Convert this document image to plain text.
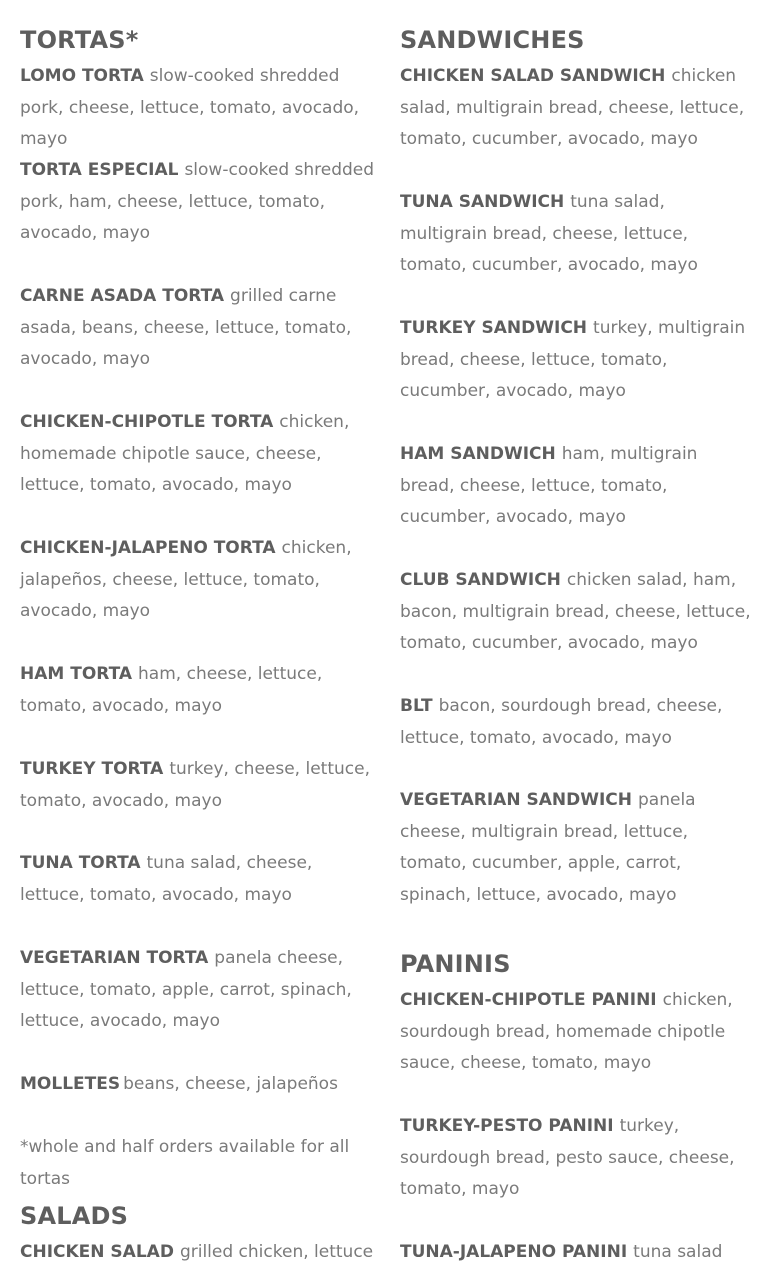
TORTAS*

LOMO TORTA slow-cooked shredded pork, cheese, lettuce, tomato, avocado, mayo

TORTA ESPECIAL slow-cooked shredded pork, ham, cheese, lettuce, tomato, avocado, mayo

CARNE ASADA TORTA grilled carne asada, beans, cheese, lettuce, tomato, avocado, mayo

CHICKEN-CHIPOTLE TORTA chicken, homemade chipotle sauce, cheese, lettuce, tomato, avocado, mayo

CHICKEN-JALAPENO TORTA chicken, jalapeños, cheese, lettuce, tomato, avocado, mayo

HAM TORTA ham, cheese, lettuce, tomato, avocado, mayo

TURKEY TORTA turkey, cheese, lettuce, tomato, avocado, mayo

TUNA TORTA tuna salad, cheese, lettuce, tomato, avocado, mayo

VEGETARIAN TORTA panela cheese, lettuce, tomato, apple, carrot, spinach, lettuce, avocado, mayo

MOLLETES beans, cheese, jalapeños

*whole and half orders available for all tortas

SALADS

CHICKEN SALAD grilled chicken, lettuce

SANDWICHES

CHICKEN SALAD SANDWICH chicken salad, multigrain bread, cheese, lettuce, tomato, cucumber, avocado, mayo

TUNA SANDWICH tuna salad, multigrain bread, cheese, lettuce, tomato, cucumber, avocado, mayo

TURKEY SANDWICH turkey, multigrain bread, cheese, lettuce, tomato, cucumber, avocado, mayo

HAM SANDWICH ham, multigrain bread, cheese, lettuce, tomato, cucumber, avocado, mayo

CLUB SANDWICH chicken salad, ham, bacon, multigrain bread, cheese, lettuce, tomato, cucumber, avocado, mayo

BLT bacon, sourdough bread, cheese, lettuce, tomato, avocado, mayo

VEGETARIAN SANDWICH panela cheese, multigrain bread, lettuce, tomato, cucumber, apple, carrot, spinach, lettuce, avocado, mayo

PANINIS

CHICKEN-CHIPOTLE PANINI chicken, sourdough bread, homemade chipotle sauce, cheese, tomato, mayo

TURKEY-PESTO PANINI turkey, sourdough bread, pesto sauce, cheese, tomato, mayo

TUNA-JALAPENO PANINI tuna salad
